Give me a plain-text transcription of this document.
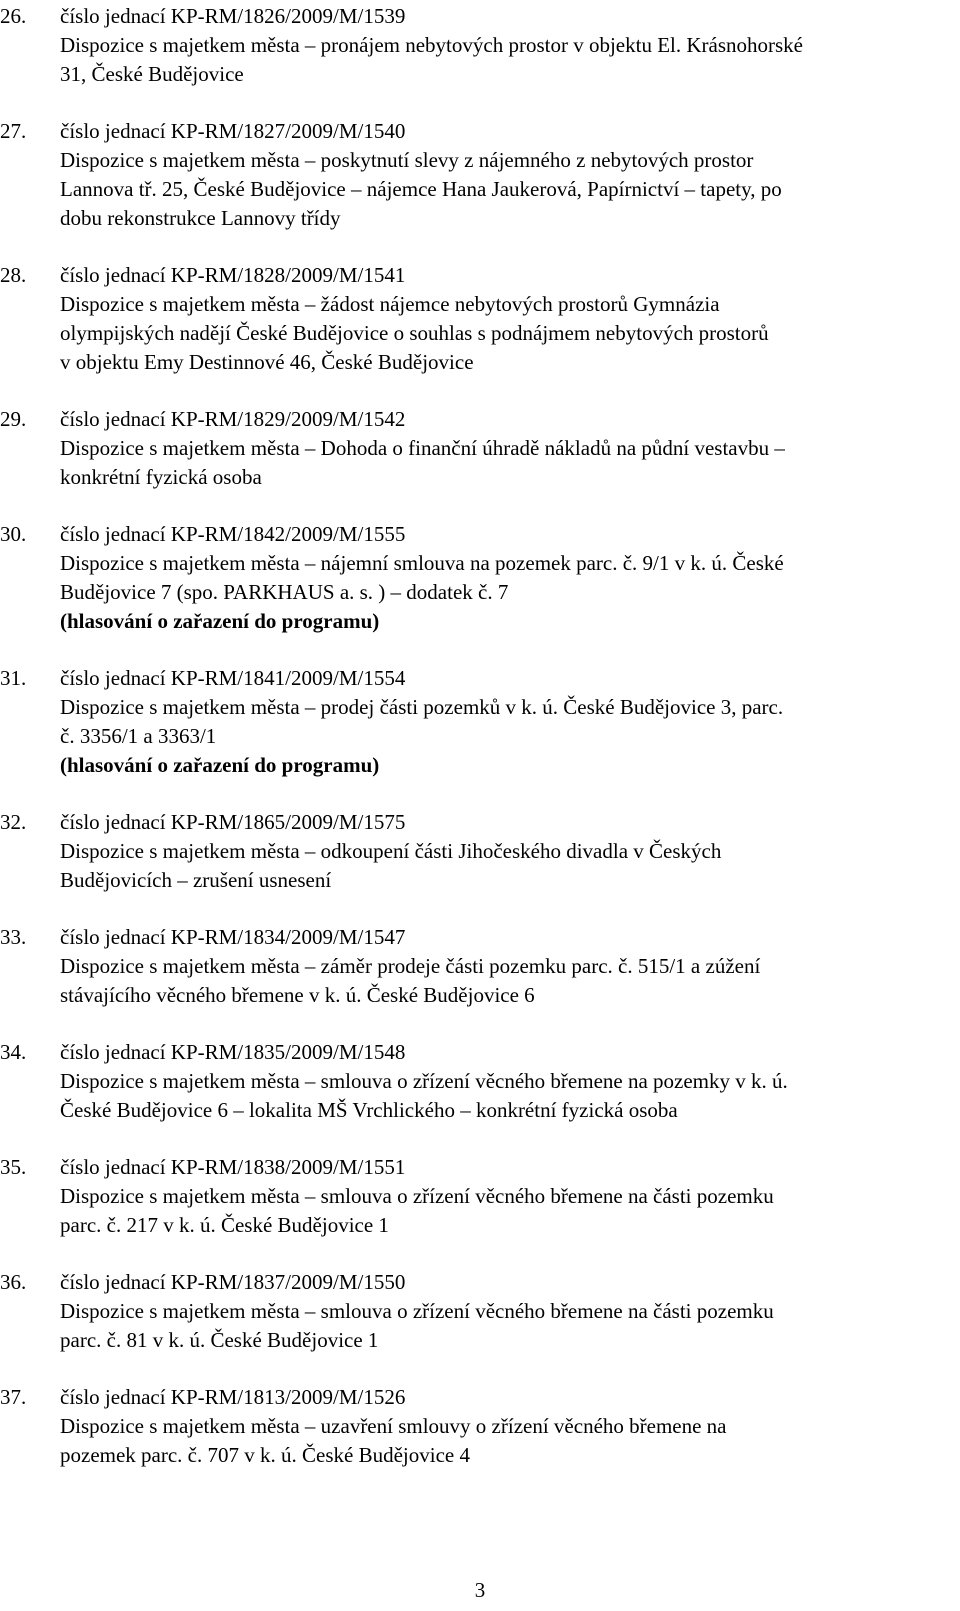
26.	číslo jednací KP-RM/1826/2009/M/1539
Dispozice s majetkem města – pronájem nebytových prostor v objektu El. Krásnohorské
31, České Budějovice
27.	číslo jednací KP-RM/1827/2009/M/1540
Dispozice s majetkem města – poskytnutí slevy z nájemného z nebytových prostor
Lannova tř. 25, České Budějovice – nájemce Hana Jaukerová, Papírnictví – tapety, po
dobu rekonstrukce Lannovy třídy
28.	číslo jednací KP-RM/1828/2009/M/1541
Dispozice s majetkem města – žádost nájemce nebytových prostorů Gymnázia
olympijských nadějí České Budějovice o souhlas s podnájmem nebytových prostorů
v objektu Emy Destinnové 46, České Budějovice
29.	číslo jednací KP-RM/1829/2009/M/1542
Dispozice s majetkem města – Dohoda o finanční úhradě nákladů na půdní vestavbu –
konkrétní fyzická osoba
30.	číslo jednací KP-RM/1842/2009/M/1555
Dispozice s majetkem města – nájemní smlouva na pozemek parc. č. 9/1 v k. ú. České
Budějovice 7 (spo. PARKHAUS a. s. ) – dodatek č. 7
(hlasování o zařazení do programu)
31.	číslo jednací KP-RM/1841/2009/M/1554
Dispozice s majetkem města – prodej části pozemků v k. ú. České Budějovice 3, parc.
č. 3356/1 a 3363/1
(hlasování o zařazení do programu)
32.	číslo jednací KP-RM/1865/2009/M/1575
Dispozice s majetkem města – odkoupení části Jihočeského divadla v Českých
Budějovicích – zrušení usnesení
33.	číslo jednací KP-RM/1834/2009/M/1547
Dispozice s majetkem města – záměr prodeje části pozemku parc. č. 515/1 a zúžení
stávajícího věcného břemene v k. ú. České Budějovice 6
34.	číslo jednací KP-RM/1835/2009/M/1548
Dispozice s majetkem města – smlouva o zřízení věcného břemene na pozemky v k. ú.
České Budějovice 6 – lokalita MŠ Vrchlického – konkrétní fyzická osoba
35.	číslo jednací KP-RM/1838/2009/M/1551
Dispozice s majetkem města – smlouva o zřízení věcného břemene na části pozemku
parc. č. 217 v k. ú. České Budějovice 1
36.	číslo jednací KP-RM/1837/2009/M/1550
Dispozice s majetkem města – smlouva o zřízení věcného břemene na části pozemku
parc. č. 81 v k. ú. České Budějovice 1
37.	číslo jednací KP-RM/1813/2009/M/1526
Dispozice s majetkem města – uzavření smlouvy o zřízení věcného břemene na
pozemek parc. č. 707 v k. ú. České Budějovice 4
3
